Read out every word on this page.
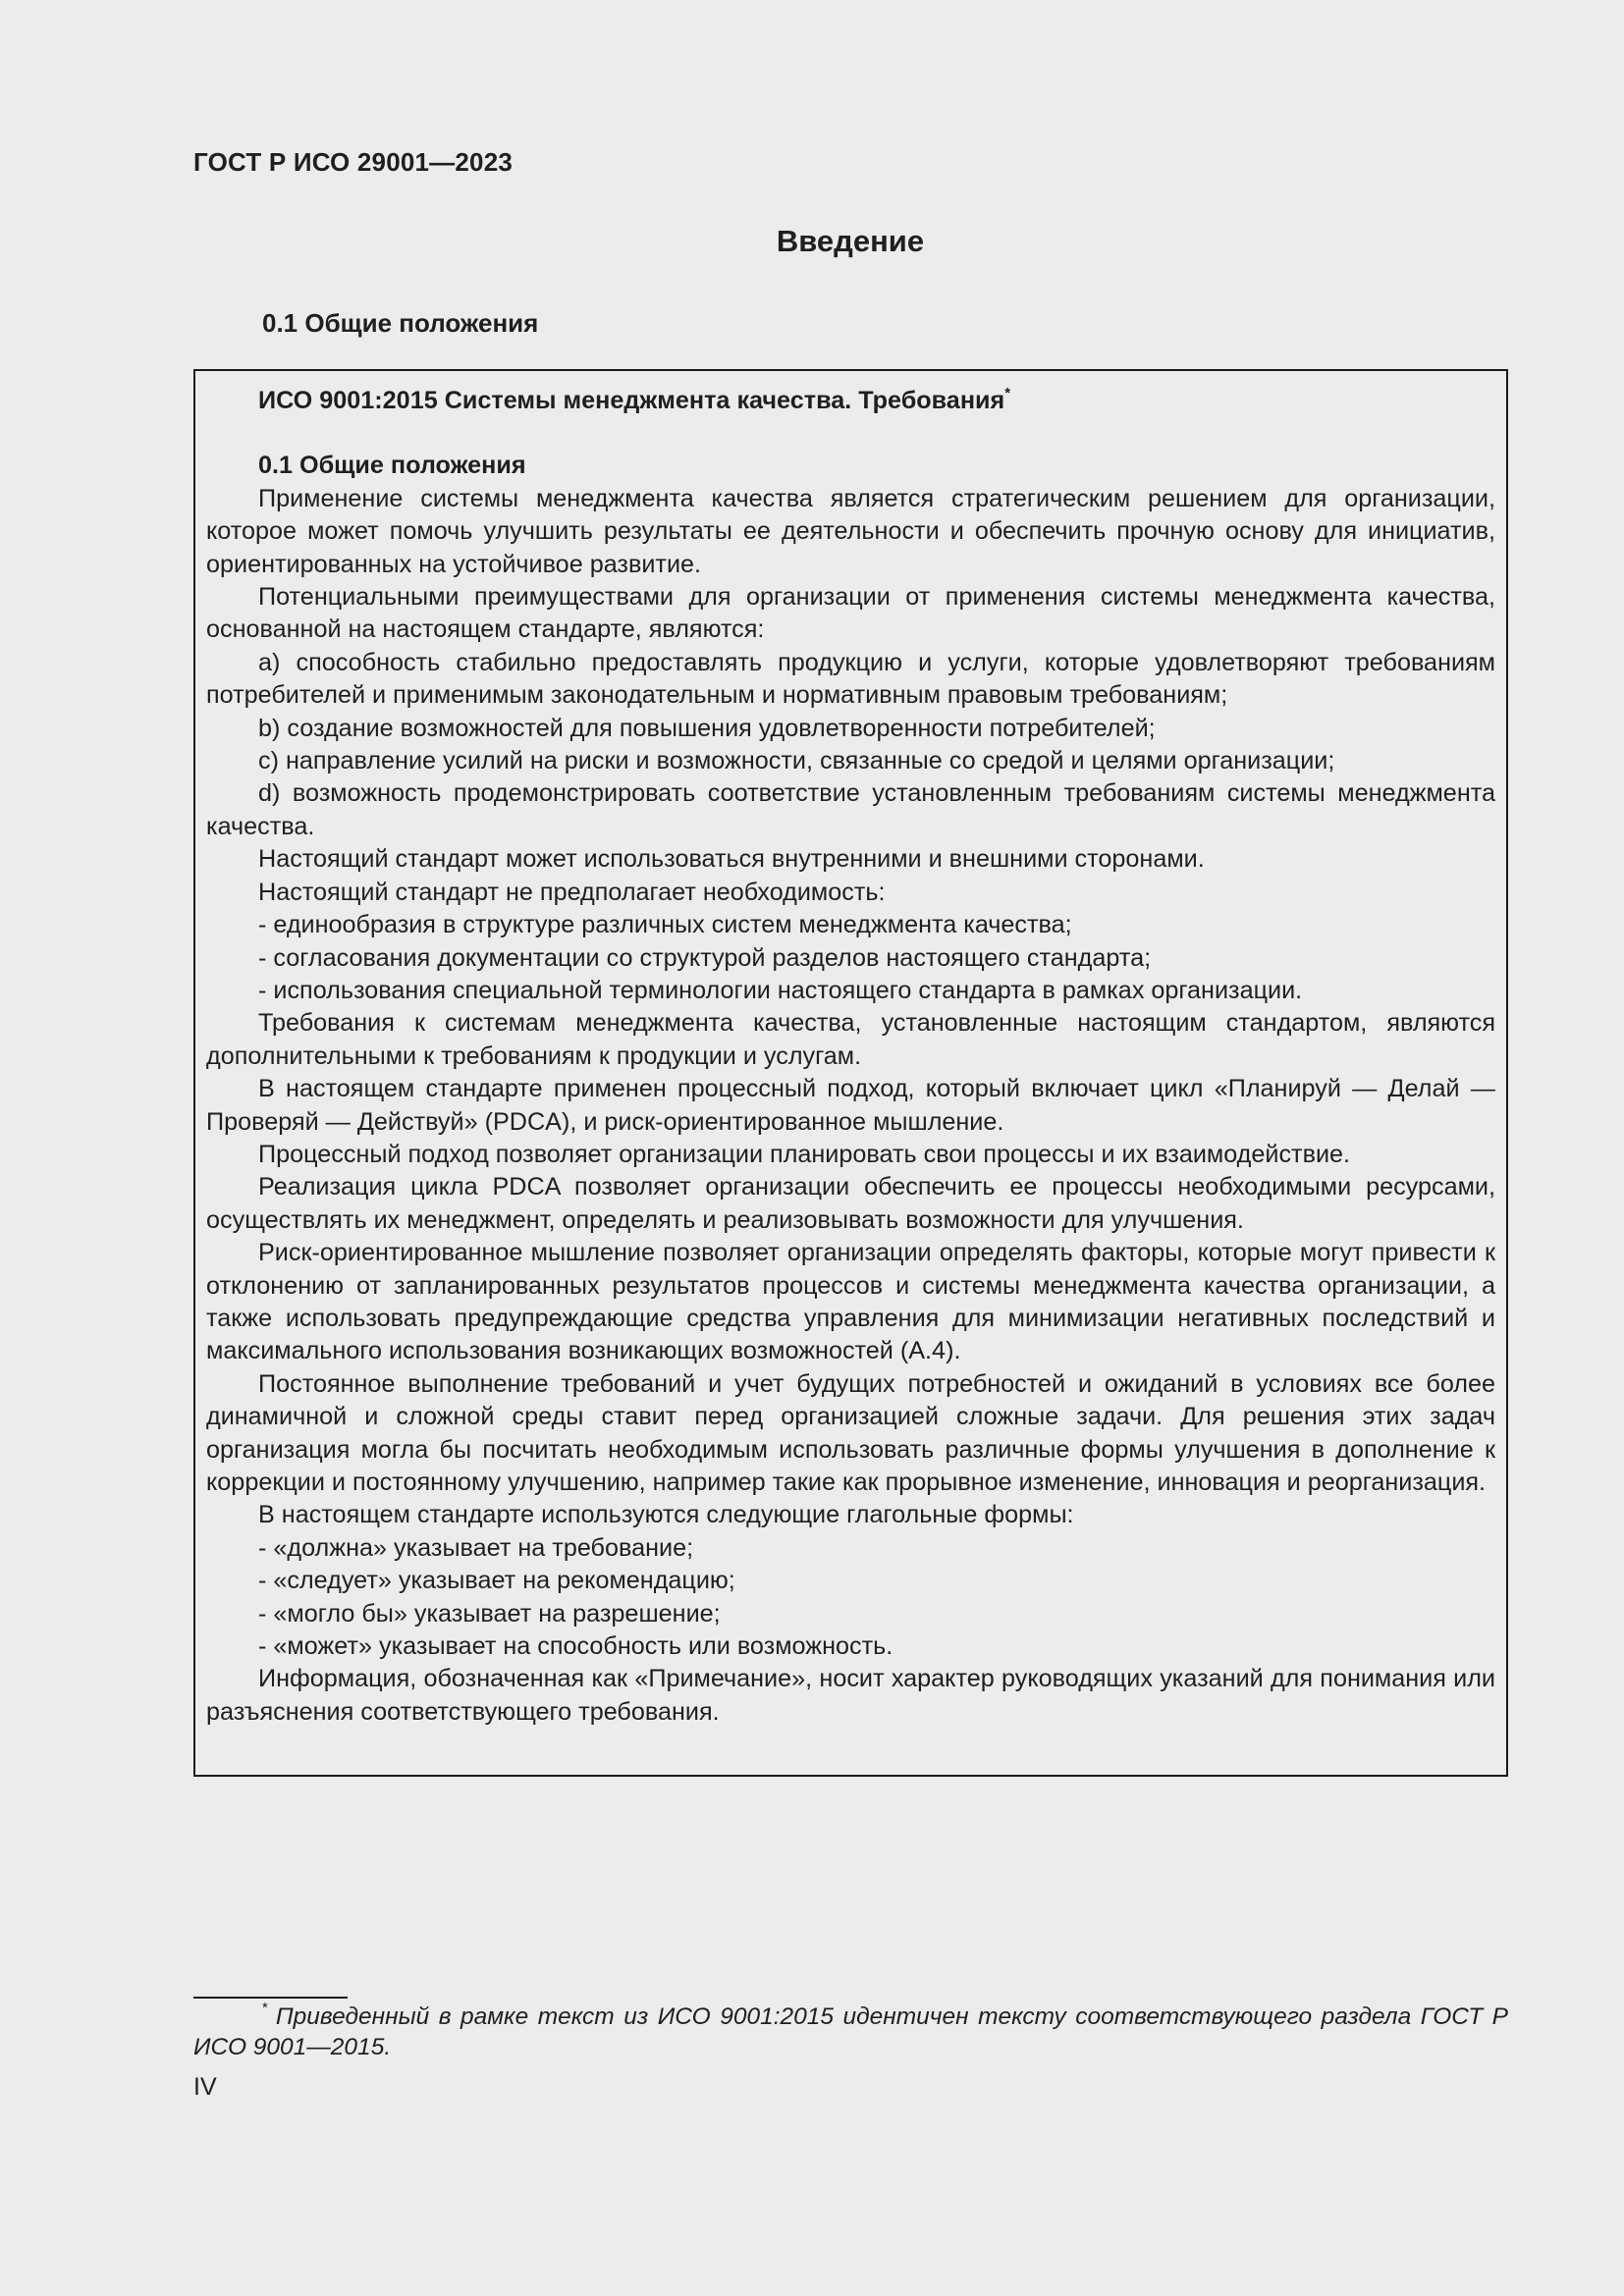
ГОСТ Р ИСО 29001—2023
Введение
0.1 Общие положения

ИСО 9001:2015 Системы менеджмента качества. Требования*

0.1 Общие положения

Применение системы менеджмента качества является стратегическим решением для организации, которое может помочь улучшить результаты ее деятельности и обеспечить прочную основу для инициатив, ориентированных на устойчивое развитие.

Потенциальными преимуществами для организации от применения системы менеджмента качества, основанной на настоящем стандарте, являются:

a) способность стабильно предоставлять продукцию и услуги, которые удовлетворяют требованиям потребителей и применимым законодательным и нормативным правовым требованиям;

b) создание возможностей для повышения удовлетворенности потребителей;

c) направление усилий на риски и возможности, связанные со средой и целями организации;

d) возможность продемонстрировать соответствие установленным требованиям системы менеджмента качества.

Настоящий стандарт может использоваться внутренними и внешними сторонами.

Настоящий стандарт не предполагает необходимость:

- единообразия в структуре различных систем менеджмента качества;

- согласования документации со структурой разделов настоящего стандарта;

- использования специальной терминологии настоящего стандарта в рамках организации.

Требования к системам менеджмента качества, установленные настоящим стандартом, являются дополнительными к требованиям к продукции и услугам.

В настоящем стандарте применен процессный подход, который включает цикл «Планируй — Делай — Проверяй — Действуй» (PDCA), и риск-ориентированное мышление.

Процессный подход позволяет организации планировать свои процессы и их взаимодействие.

Реализация цикла PDCA позволяет организации обеспечить ее процессы необходимыми ресурсами, осуществлять их менеджмент, определять и реализовывать возможности для улучшения.

Риск-ориентированное мышление позволяет организации определять факторы, которые могут привести к отклонению от запланированных результатов процессов и системы менеджмента качества организации, а также использовать предупреждающие средства управления для минимизации негативных последствий и максимального использования возникающих возможностей (А.4).

Постоянное выполнение требований и учет будущих потребностей и ожиданий в условиях все более динамичной и сложной среды ставит перед организацией сложные задачи. Для решения этих задач организация могла бы посчитать необходимым использовать различные формы улучшения в дополнение к коррекции и постоянному улучшению, например такие как прорывное изменение, инновация и реорганизация.

В настоящем стандарте используются следующие глагольные формы:

- «должна» указывает на требование;

- «следует» указывает на рекомендацию;

- «могло бы» указывает на разрешение;

- «может» указывает на способность или возможность.

Информация, обозначенная как «Примечание», носит характер руководящих указаний для понимания или разъяснения соответствующего требования.

* Приведенный в рамке текст из ИСО 9001:2015 идентичен тексту соответствующего раздела ГОСТ Р ИСО 9001—2015.
IV
